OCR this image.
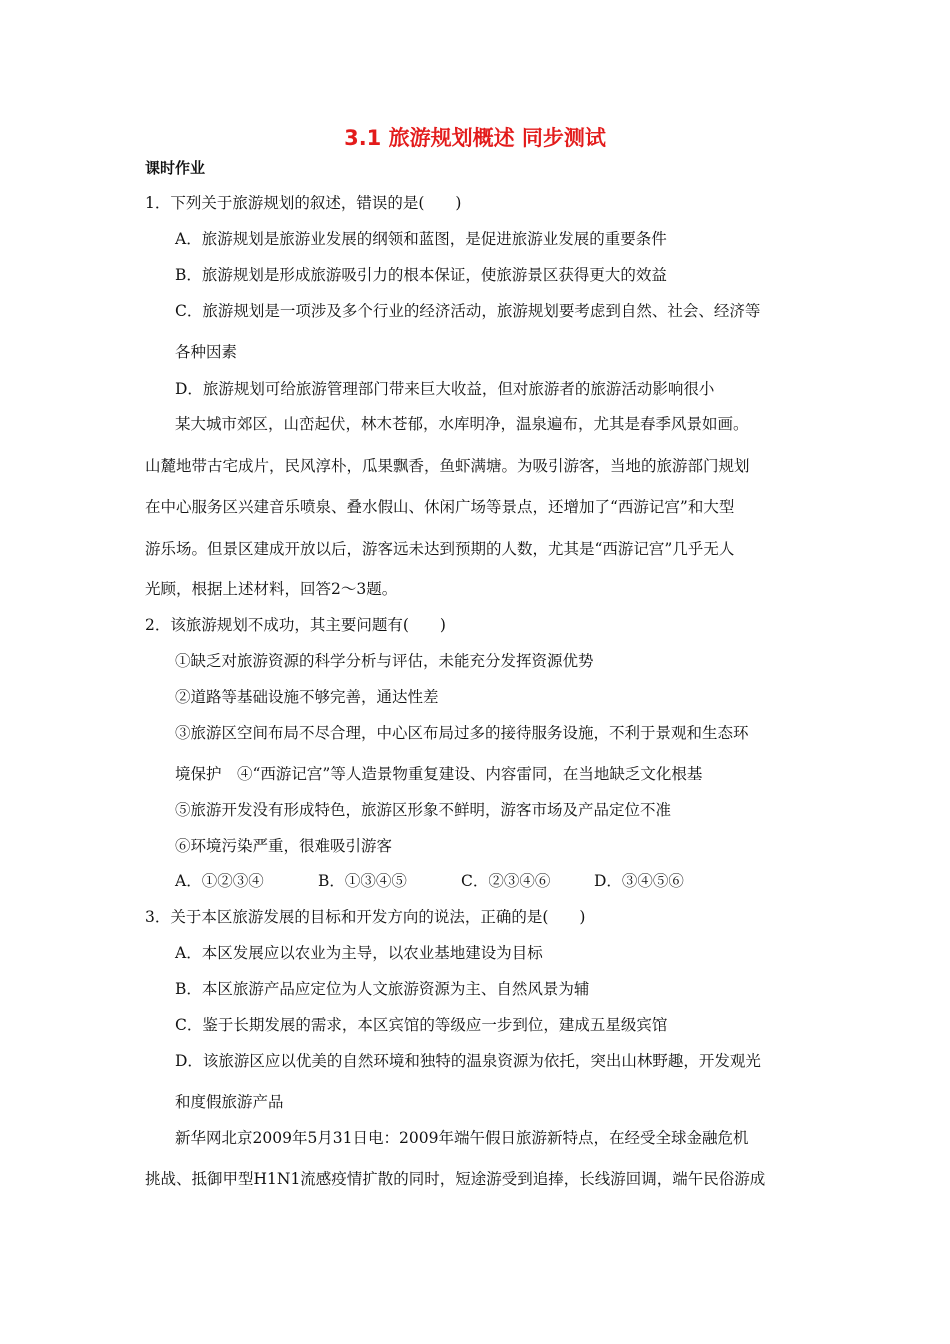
3.1 旅游规划概述 同步测试
课时作业
1．下列关于旅游规划的叙述，错误的是(　　)
A．旅游规划是旅游业发展的纲领和蓝图，是促进旅游业发展的重要条件
B．旅游规划是形成旅游吸引力的根本保证，使旅游景区获得更大的效益
C．旅游规划是一项涉及多个行业的经济活动，旅游规划要考虑到自然、社会、经济等
各种因素
D．旅游规划可给旅游管理部门带来巨大收益，但对旅游者的旅游活动影响很小
某大城市郊区，山峦起伏，林木苍郁，水库明净，温泉遍布，尤其是春季风景如画。
山麓地带古宅成片，民风淳朴，瓜果飘香，鱼虾满塘。为吸引游客，当地的旅游部门规划
在中心服务区兴建音乐喷泉、叠水假山、休闲广场等景点，还增加了“西游记宫”和大型
游乐场。但景区建成开放以后，游客远未达到预期的人数，尤其是“西游记宫”几乎无人
光顾，根据上述材料，回答2～3题。
2．该旅游规划不成功，其主要问题有(　　)
①缺乏对旅游资源的科学分析与评估，未能充分发挥资源优势
②道路等基础设施不够完善，通达性差
③旅游区空间布局不尽合理，中心区布局过多的接待服务设施，不利于景观和生态环
境保护　④“西游记宫”等人造景物重复建设、内容雷同，在当地缺乏文化根基
⑤旅游开发没有形成特色，旅游区形象不鲜明，游客市场及产品定位不准
⑥环境污染严重，很难吸引游客
A．①②③④	B．①③④⑤	C．②③④⑥	D．③④⑤⑥
3．关于本区旅游发展的目标和开发方向的说法，正确的是(　　)
A．本区发展应以农业为主导，以农业基地建设为目标
B．本区旅游产品应定位为人文旅游资源为主、自然风景为辅
C．鉴于长期发展的需求，本区宾馆的等级应一步到位，建成五星级宾馆
D．该旅游区应以优美的自然环境和独特的温泉资源为依托，突出山林野趣，开发观光
和度假旅游产品
新华网北京2009年5月31日电：2009年端午假日旅游新特点，在经受全球金融危机
挑战、抵御甲型H1N1流感疫情扩散的同时，短途游受到追捧，长线游回调，端午民俗游成
